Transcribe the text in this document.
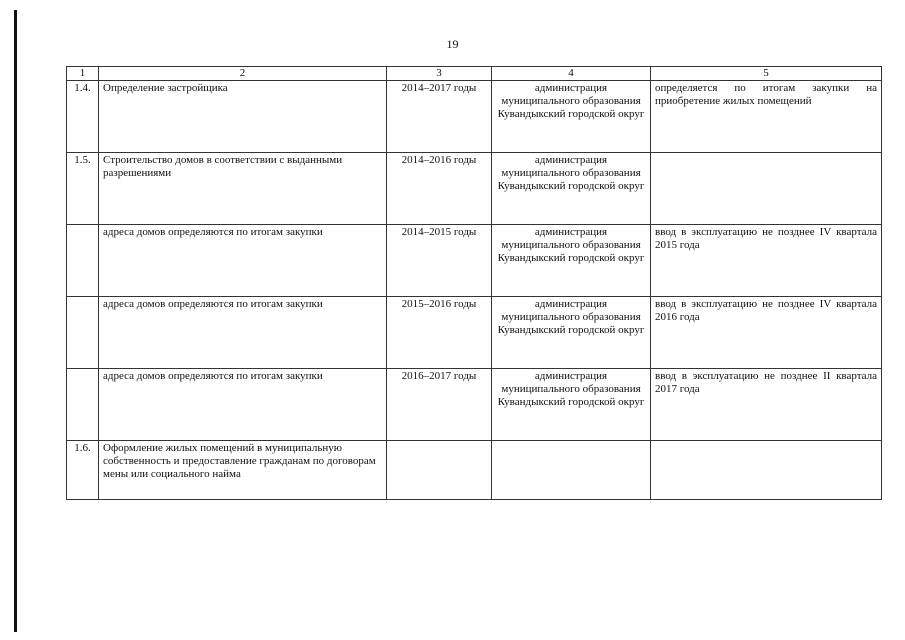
19
1	2	3	4	5
1.4.	Определение застройщика	2014–2017 годы	администрация муниципального образования Кувандыкский городской округ	определяется по итогам закупки на приобретение жилых помещений
1.5.	Строительство домов в соответствии с выданными разрешениями	2014–2016 годы	администрация муниципального образования Кувандыкский городской округ	
	адреса домов определяются по итогам закупки	2014–2015 годы	администрация муниципального образования Кувандыкский городской округ	ввод в эксплуатацию не позднее IV квартала 2015 года
	адреса домов определяются по итогам закупки	2015–2016 годы	администрация муниципального образования Кувандыкский городской округ	ввод в эксплуатацию не позднее IV квартала 2016 года
	адреса домов определяются по итогам закупки	2016–2017 годы	администрация муниципального образования Кувандыкский городской округ	ввод в эксплуатацию не позднее II квартала 2017 года
1.6.	Оформление жилых помещений в муниципальную собственность и предоставление гражданам по договорам мены или социального найма			
